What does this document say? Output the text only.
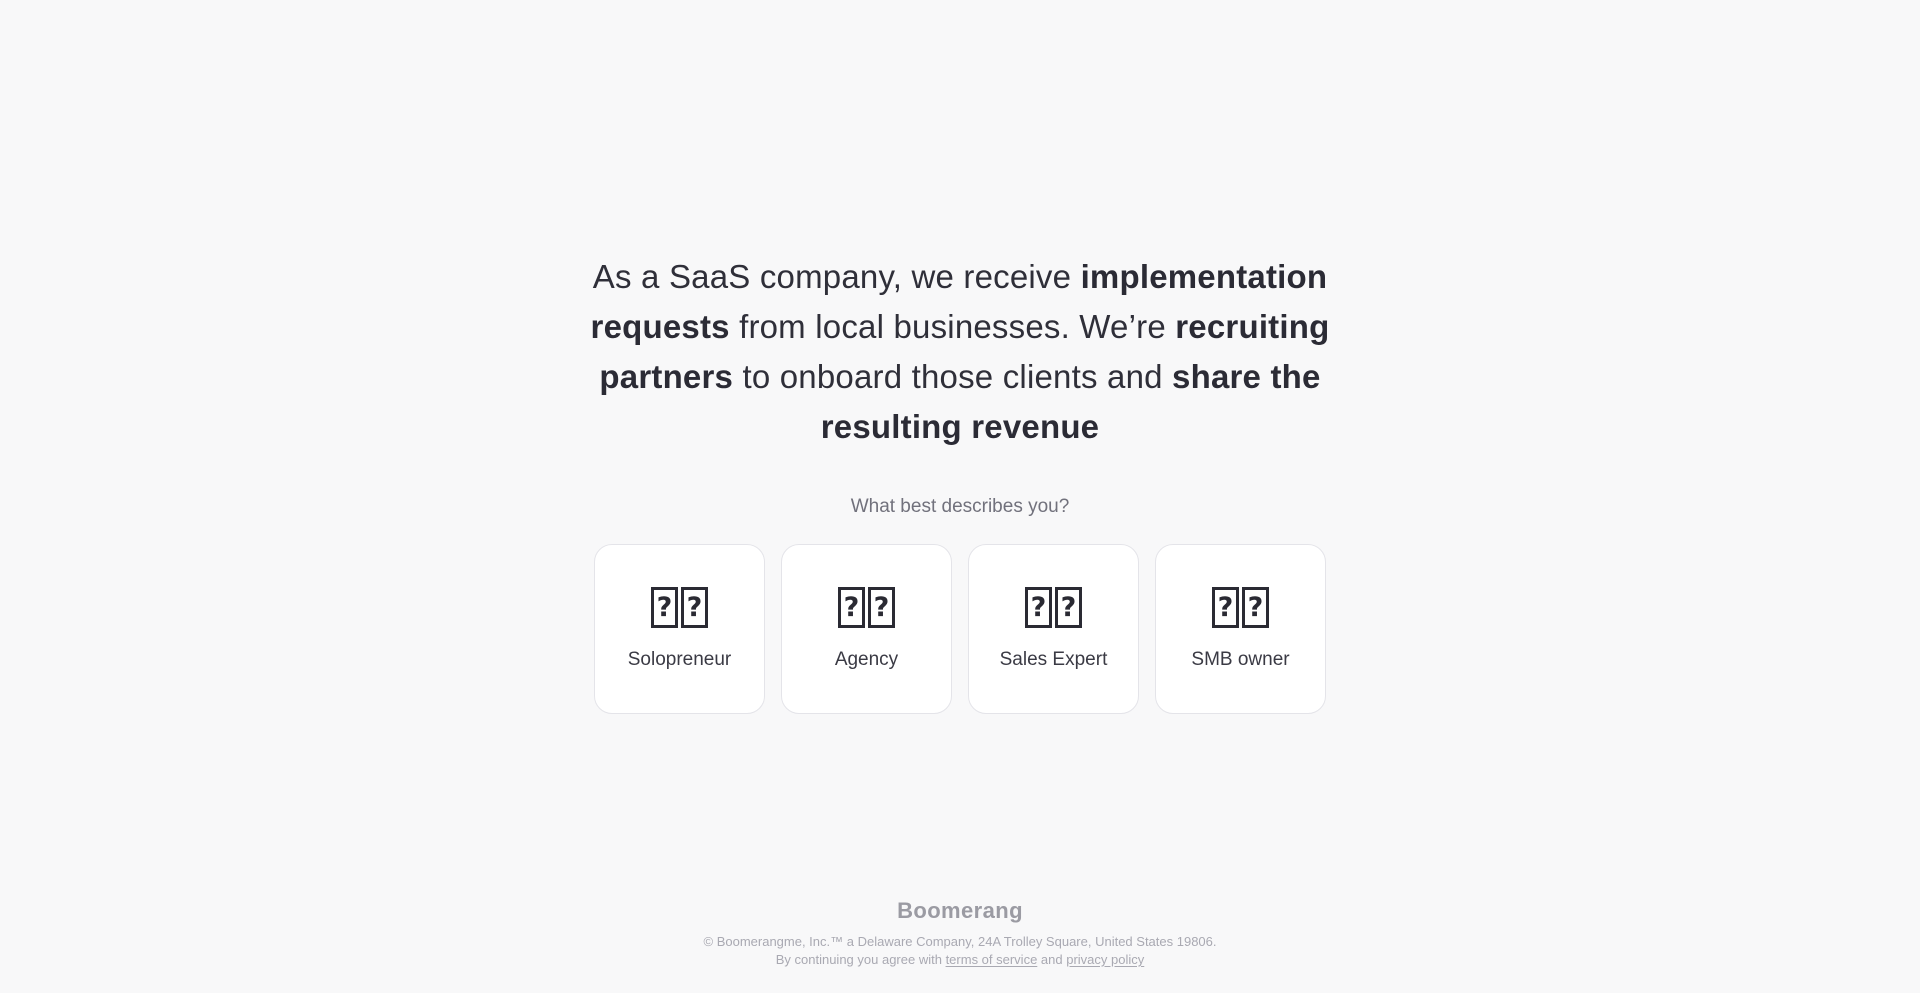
As a SaaS company, we receive implementation
requests from local businesses. We’re recruiting
partners to onboard those clients and share the
resulting revenue

What best describes you?

? ?
Solopreneur
? ?
Agency
? ?
Sales Expert
? ?
SMB owner
Boomerang
© Boomerangme, Inc.™ a Delaware Company, 24A Trolley Square, United States 19806.
By continuing you agree with terms of service and privacy policy
